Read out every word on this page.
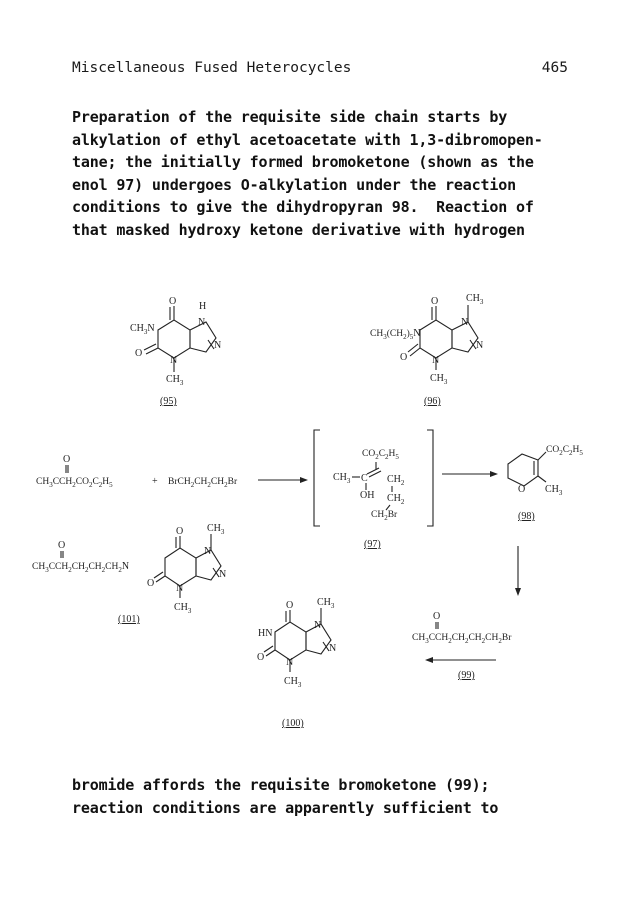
Miscellaneous Fused Heterocycles	465
Preparation of the requisite side chain starts by
alkylation of ethyl acetoacetate with 1,3-dibromopen-
tane; the initially formed bromoketone (shown as the
enol 97) undergoes O-alkylation under the reaction
conditions to give the dihydropyran 98.  Reaction of
that masked hydroxy ketone derivative with hydrogen
O H
N
N
$CH_3N$
O
N
$CH_3$
(95)
O	$CH_3$
N
N
$CH_3(CH_2)_5N$
O N
$CH_3$
(96)
O
$CH_3CCH_2CO_2C_2H_5$	+ $BrCH_2CH_2CH_2Br$
$CO_2C_2H_5$
$CH_3$ C $CH_2$
OH $CH_2$
$CH_2Br$
(97)
$CO_2C_2H_5$
O $CH_3$
(98)
O
$CH_3CCH_2CH_2CH_2CH_2N$
O $CH_3$
N
N
O N
$CH_3$
(101)
O $CH_3$
N
N
HN
O N
$CH_3$
(100)
O
$CH_3CCH_2CH_2CH_2CH_2Br$
(99)
bromide affords the requisite bromoketone (99);
reaction conditions are apparently sufficient to
